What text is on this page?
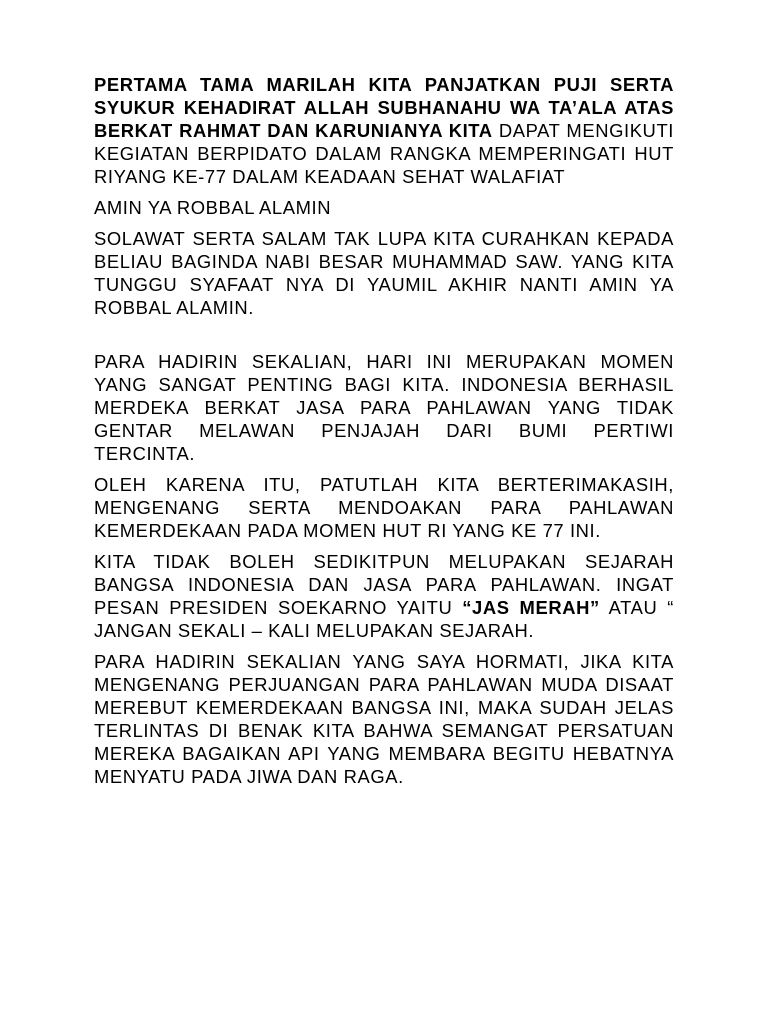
PERTAMA TAMA MARILAH KITA PANJATKAN PUJI SERTA SYUKUR KEHADIRAT ALLAH SUBHANAHU WA TA’ALA ATAS BERKAT RAHMAT DAN KARUNIANYA KITA DAPAT MENGIKUTI KEGIATAN BERPIDATO DALAM RANGKA MEMPERINGATI HUT RIYANG KE-77 DALAM KEADAAN SEHAT WALAFIAT

AMIN YA ROBBAL ALAMIN

SOLAWAT SERTA SALAM TAK LUPA KITA CURAHKAN KEPADA BELIAU BAGINDA NABI BESAR MUHAMMAD SAW. YANG KITA TUNGGU SYAFAAT NYA DI YAUMIL AKHIR NANTI AMIN YA ROBBAL ALAMIN.

PARA HADIRIN SEKALIAN, HARI INI MERUPAKAN MOMEN YANG SANGAT PENTING BAGI KITA. INDONESIA BERHASIL MERDEKA BERKAT JASA PARA PAHLAWAN YANG TIDAK GENTAR MELAWAN PENJAJAH DARI BUMI PERTIWI TERCINTA.

OLEH KARENA ITU, PATUTLAH KITA BERTERIMAKASIH, MENGENANG SERTA MENDOAKAN PARA PAHLAWAN KEMERDEKAAN PADA MOMEN HUT RI YANG KE 77 INI.

KITA TIDAK BOLEH SEDIKITPUN MELUPAKAN SEJARAH BANGSA INDONESIA DAN JASA PARA PAHLAWAN. INGAT PESAN PRESIDEN SOEKARNO YAITU “JAS MERAH” ATAU “ JANGAN SEKALI – KALI MELUPAKAN SEJARAH.

PARA HADIRIN SEKALIAN YANG SAYA HORMATI, JIKA KITA MENGENANG PERJUANGAN PARA PAHLAWAN MUDA DISAAT MEREBUT KEMERDEKAAN BANGSA INI, MAKA SUDAH JELAS TERLINTAS DI BENAK KITA BAHWA SEMANGAT PERSATUAN MEREKA BAGAIKAN API YANG MEMBARA BEGITU HEBATNYA MENYATU PADA JIWA DAN RAGA.
